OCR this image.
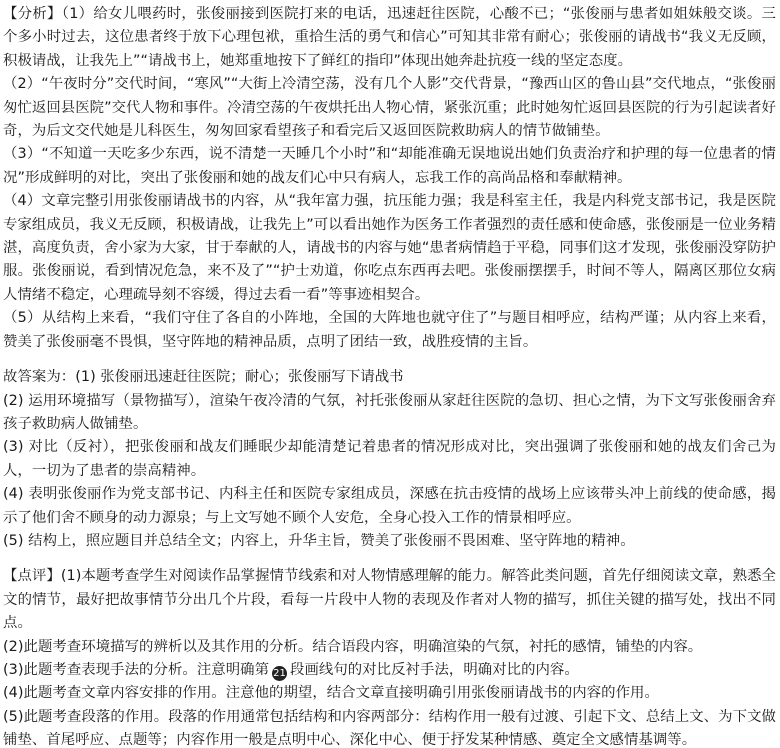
【分析】（1）给女儿喂药时，张俊丽接到医院打来的电话，迅速赶往医院，心酸不已；“张俊丽与患者如姐妹般交谈。三个多小时过去，这位患者终于放下心理包袱，重拾生活的勇气和信心”可知其非常有耐心；张俊丽的请战书“我义无反顾，积极请战，让我先上”“请战书上，她郑重地按下了鲜红的指印”体现出她奔赴抗疫一线的坚定态度。

（2）“午夜时分”交代时间，“寒风”“大街上冷清空荡，没有几个人影”交代背景，“豫西山区的鲁山县”交代地点，“张俊丽匆忙返回县医院”交代人物和事件。冷清空荡的午夜烘托出人物心情，紧张沉重；此时她匆忙返回县医院的行为引起读者好奇，为后文交代她是儿科医生，匆匆回家看望孩子和看完后又返回医院救助病人的情节做铺垫。

（3）“不知道一天吃多少东西，说不清楚一天睡几个小时”和“却能准确无误地说出她们负责治疗和护理的每一位患者的情况”形成鲜明的对比，突出了张俊丽和她的战友们心中只有病人，忘我工作的高尚品格和奉献精神。

（4）文章完整引用张俊丽请战书的内容，从“我年富力强，抗压能力强；我是科室主任，我是内科党支部书记，我是医院专家组成员，我义无反顾，积极请战，让我先上”可以看出她作为医务工作者强烈的责任感和使命感，张俊丽是一位业务精湛，高度负责，舍小家为大家，甘于奉献的人，请战书的内容与她“患者病情趋于平稳，同事们这才发现，张俊丽没穿防护服。张俊丽说，看到情况危急，来不及了”“护士劝道，你吃点东西再去吧。张俊丽摆摆手，时间不等人，隔离区那位女病人情绪不稳定，心理疏导刻不容缓，得过去看一看”等事迹相契合。

（5）从结构上来看，“我们守住了各自的小阵地，全国的大阵地也就守住了”与题目相呼应，结构严谨；从内容上来看，赞美了张俊丽毫不畏惧，坚守阵地的精神品质，点明了团结一致，战胜疫情的主旨。

故答案为：(1) 张俊丽迅速赶往医院；耐心；张俊丽写下请战书

(2) 运用环境描写（景物描写），渲染午夜冷清的气氛，衬托张俊丽从家赶往医院的急切、担心之情，为下文写张俊丽舍弃孩子救助病人做铺垫。

(3) 对比（反衬），把张俊丽和战友们睡眠少却能清楚记着患者的情况形成对比，突出强调了张俊丽和她的战友们舍己为人，一切为了患者的崇高精神。

(4) 表明张俊丽作为党支部书记、内科主任和医院专家组成员，深感在抗击疫情的战场上应该带头冲上前线的使命感，揭示了他们舍不顾身的动力源泉；与上文写她不顾个人安危，全身心投入工作的情景相呼应。

(5) 结构上，照应题目并总结全文；内容上，升华主旨，赞美了张俊丽不畏困难、坚守阵地的精神。

【点评】(1)本题考查学生对阅读作品掌握情节线索和对人物情感理解的能力。解答此类问题，首先仔细阅读文章，熟悉全文的情节，最好把故事情节分出几个片段，看每一片段中人物的表现及作者对人物的描写，抓住关键的描写处，找出不同点。

(2)此题考查环境描写的辨析以及其作用的分析。结合语段内容，明确渲染的气氛，衬托的感情，铺垫的内容。

(3)此题考查表现手法的分析。注意明确第 21 段画线句的对比反衬手法，明确对比的内容。

(4)此题考查文章内容安排的作用。注意他的期望，结合文章直接明确引用张俊丽请战书的内容的作用。

(5)此题考查段落的作用。段落的作用通常包括结构和内容两部分：结构作用一般有过渡、引起下文、总结上文、为下文做铺垫、首尾呼应、点题等；内容作用一般是点明中心、深化中心、便于抒发某种情感、奠定全文感情基调等。
